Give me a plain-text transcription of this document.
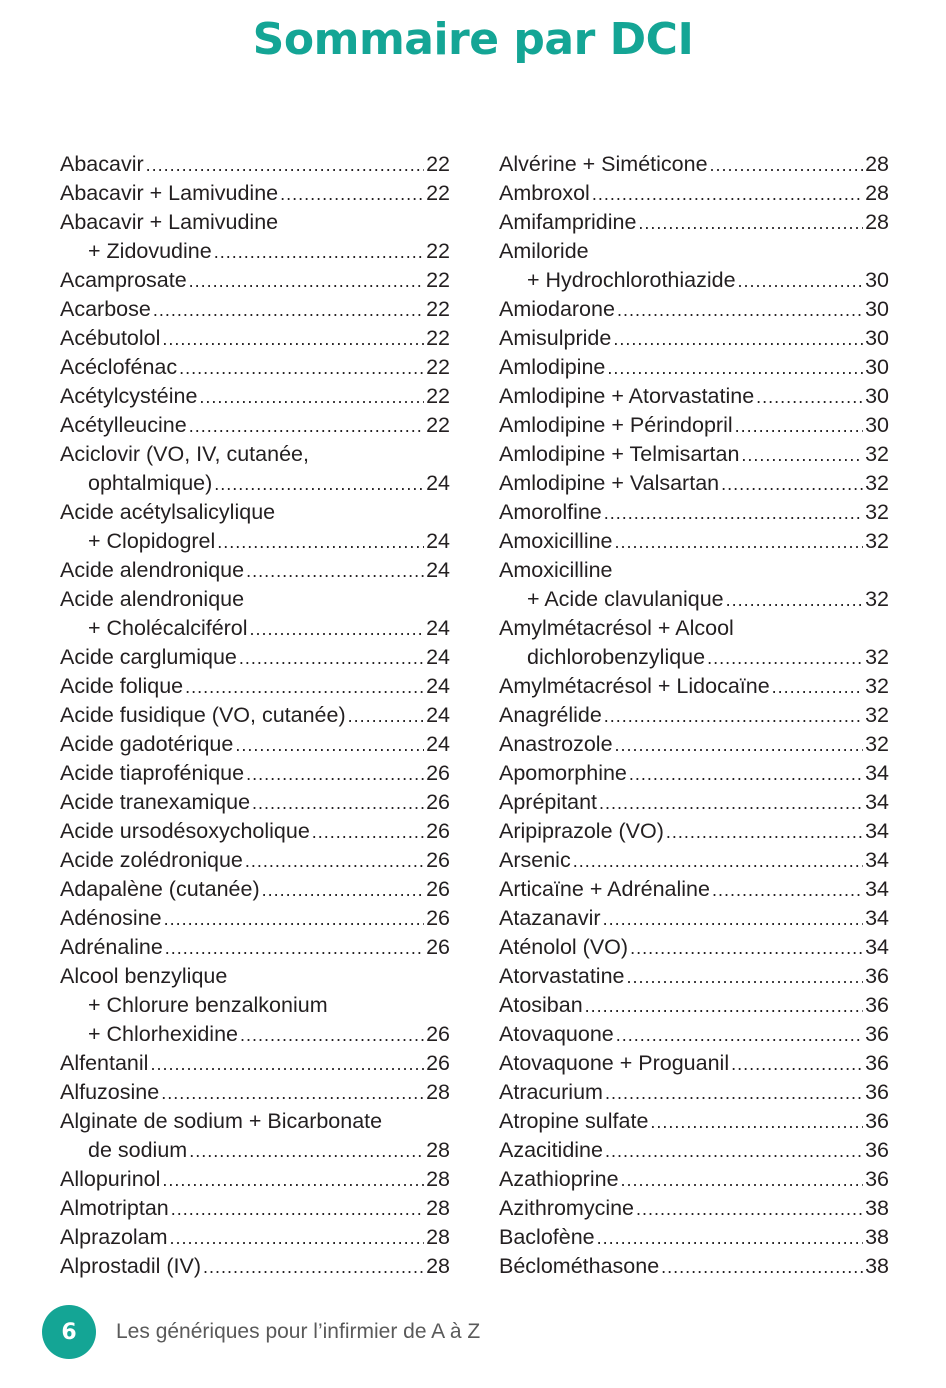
Sommaire par DCI
Abacavir .....	22
Abacavir + Lamivudine .....	22
Abacavir + Lamivudine
+ Zidovudine .....	22
Acamprosate .....	22
Acarbose .....	22
Acébutolol .....	22
Acéclofénac .....	22
Acétylcystéine .....	22
Acétylleucine .....	22
Aciclovir (VO, IV, cutanée,
ophtalmique) .....	24
Acide acétylsalicylique
+ Clopidogrel .....	24
Acide alendronique .....	24
Acide alendronique
+ Cholécalciférol .....	24
Acide carglumique .....	24
Acide folique .....	24
Acide fusidique (VO, cutanée) .....	24
Acide gadotérique .....	24
Acide tiaprofénique .....	26
Acide tranexamique .....	26
Acide ursodésoxycholique .....	26
Acide zolédronique .....	26
Adapalène (cutanée) .....	26
Adénosine .....	26
Adrénaline .....	26
Alcool benzylique
+ Chlorure benzalkonium
+ Chlorhexidine .....	26
Alfentanil .....	26
Alfuzosine .....	28
Alginate de sodium + Bicarbonate
de sodium .....	28
Allopurinol .....	28
Almotriptan .....	28
Alprazolam .....	28
Alprostadil (IV) .....	28
Alvérine + Siméticone .....	28
Ambroxol .....	28
Amifampridine .....	28
Amiloride
+ Hydrochlorothiazide .....	30
Amiodarone .....	30
Amisulpride .....	30
Amlodipine .....	30
Amlodipine + Atorvastatine .....	30
Amlodipine + Périndopril .....	30
Amlodipine + Telmisartan .....	32
Amlodipine + Valsartan .....	32
Amorolfine .....	32
Amoxicilline .....	32
Amoxicilline
+ Acide clavulanique .....	32
Amylmétacrésol + Alcool
dichlorobenzylique .....	32
Amylmétacrésol + Lidocaïne .....	32
Anagrélide .....	32
Anastrozole .....	32
Apomorphine .....	34
Aprépitant .....	34
Aripiprazole (VO) .....	34
Arsenic .....	34
Articaïne + Adrénaline .....	34
Atazanavir .....	34
Aténolol (VO) .....	34
Atorvastatine .....	36
Atosiban .....	36
Atovaquone .....	36
Atovaquone + Proguanil .....	36
Atracurium .....	36
Atropine sulfate .....	36
Azacitidine .....	36
Azathioprine .....	36
Azithromycine .....	38
Baclofène .....	38
Béclométhasone .....	38
6	Les génériques pour l’infirmier de A à Z
